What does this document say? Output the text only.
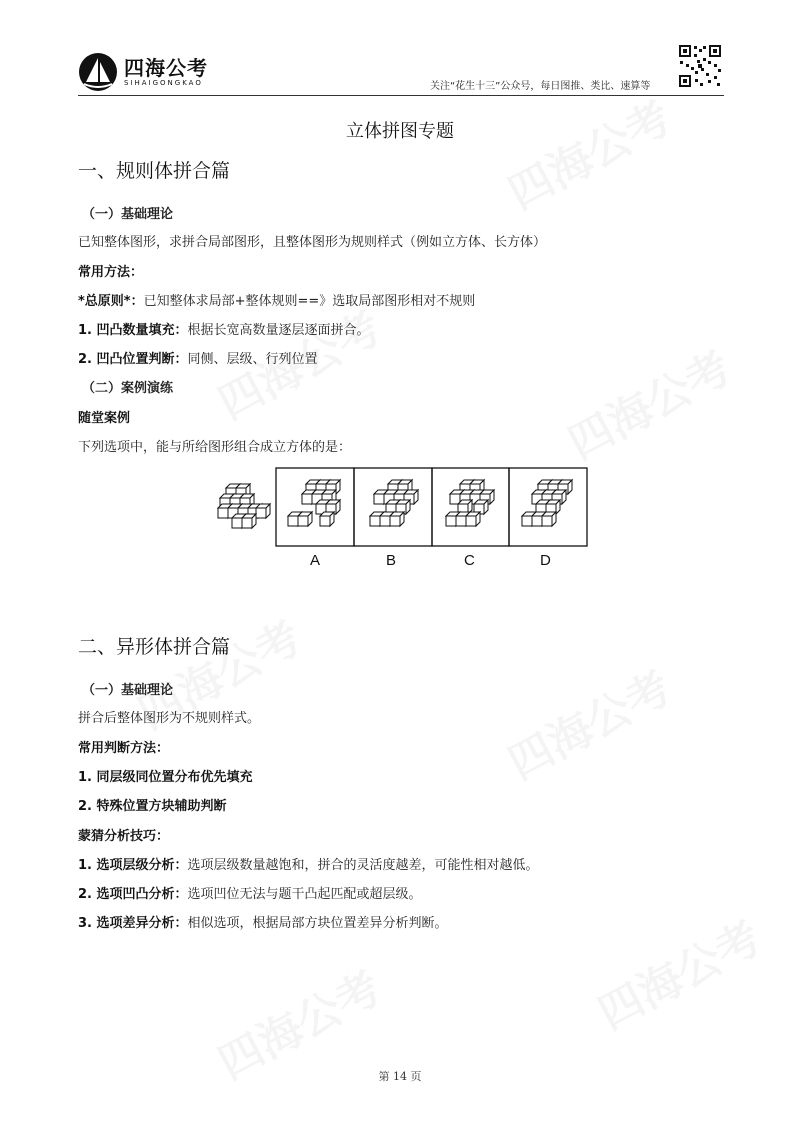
四海公考
SIHAIGONGKAO	关注“花生十三”公众号，每日图推、类比、速算等
立体拼图专题
一、规则体拼合篇
（一）基础理论
已知整体图形，求拼合局部图形，且整体图形为规则样式（例如立方体、长方体）
常用方法：
*总原则*：已知整体求局部+整体规则==》选取局部图形相对不规则
1. 凹凸数量填充：根据长宽高数量逐层逐面拼合。
2. 凹凸位置判断：同侧、层级、行列位置
（二）案例演练
随堂案例
下列选项中，能与所给图形组合成立方体的是：
A	B	C	D
二、异形体拼合篇
（一）基础理论
拼合后整体图形为不规则样式。
常用判断方法：
1. 同层级同位置分布优先填充
2. 特殊位置方块辅助判断
蒙猜分析技巧：
1. 选项层级分析：选项层级数量越饱和，拼合的灵活度越差，可能性相对越低。
2. 选项凹凸分析：选项凹位无法与题干凸起匹配或超层级。
3. 选项差异分析：相似选项，根据局部方块位置差异分析判断。
第 14 页
